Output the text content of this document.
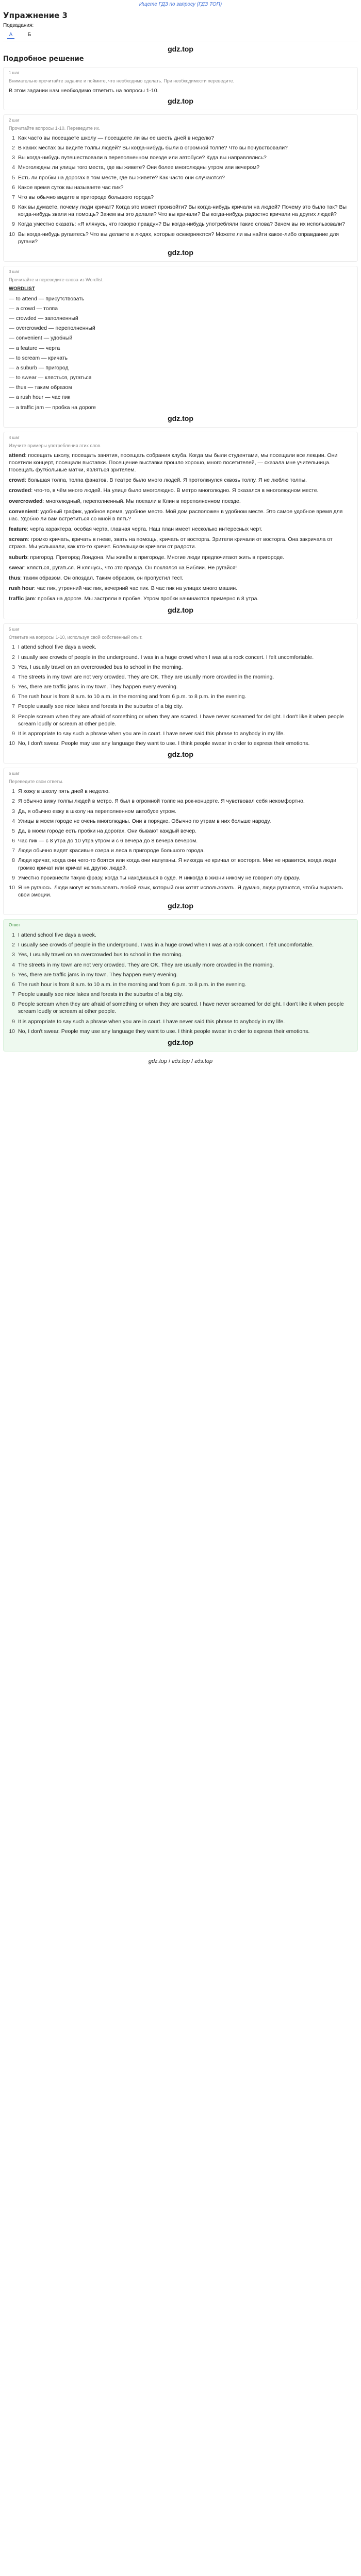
Ищете ГДЗ по запросу (ГДЗ ТОП)
Упражнение 3
Подзадания:
А	Б
gdz.top
Подробное решение
1 шаг
Внимательно прочитайте задание и поймите, что необходимо сделать. При необходимости переведите.
В этом задании нам необходимо ответить на вопросы 1-10.
gdz.top
2 шаг
Прочитайте вопросы 1-10. Переведите их.
1 Как часто вы посещаете школу — посещаете ли вы ее шесть дней в неделю?
2 В каких местах вы видите толпы людей? Вы когда-нибудь были в огромной толпе? Что вы почувствовали?
3 Вы когда-нибудь путешествовали в переполненном поезде или автобусе? Куда вы направлялись?
4 Многолюдны ли улицы того места, где вы живете? Они более многолюдны утром или вечером?
5 Есть ли пробки на дорогах в том месте, где вы живете? Как часто они случаются?
6 Какое время суток вы называете час пик?
7 Что вы обычно видите в пригороде большого города?
8 Как вы думаете, почему люди кричат? Когда это может произойти? Вы когда-нибудь кричали на людей? Почему это было так? Вы когда-нибудь звали на помощь? Зачем вы это делали? Что вы кричали? Вы когда-нибудь радостно кричали на других людей?
9 Когда уместно сказать: «Я клянусь, что говорю правду»? Вы когда-нибудь употребляли такие слова? Зачем вы их использовали?
10 Вы когда-нибудь ругаетесь? Что вы делаете в людях, которые оскверняются? Можете ли вы найти какое-либо оправдание для ругани?
gdz.top
3 шаг
Прочитайте и переведите слова из Wordlist.
WORDLIST
— to attend — присутствовать
— a crowd — толпа
— crowded — заполненный
— overcrowded — переполненный
— convenient — удобный
— a feature — черта
— to scream — кричать
— a suburb — пригород
— to swear — клясться, ругаться
— thus — таким образом
— a rush hour — час пик
— a traffic jam — пробка на дороге
gdz.top
4 шаг
Изучите примеры употребления этих слов.

attend: посещать школу, посещать занятия, посещать собрания клуба. Когда мы были студентами, мы посещали все лекции. Они посетили концерт, посещали выставки. Посещение выставки прошло хорошо, много посетителей, — сказала мне учительница. Посещать футбольные матчи, являться зрителем.

crowd: большая толпа, толпа фанатов. В театре было много людей. Я протолкнулся сквозь толпу. Я не люблю толпы.

crowded: что-то, в чём много людей. На улице было многолюдно. В метро многолюдно. Я оказался в многолюдном месте.

overcrowded: многолюдный, переполненный. Мы поехали в Клин в переполненном поезде.

convenient: удобный график, удобное время, удобное место. Мой дом расположен в удобном месте. Это самое удобное время для нас. Удобно ли вам встретиться со мной в пять?

feature: черта характера, особая черта, главная черта. Наш план имеет несколько интересных черт.

scream: громко кричать, кричать в гневе, звать на помощь, кричать от восторга. Зрители кричали от восторга. Она закричала от страха. Мы услышали, как кто-то кричит. Болельщики кричали от радости.

suburb: пригород. Пригород Лондона. Мы живём в пригороде. Многие люди предпочитают жить в пригороде.

swear: клясться, ругаться. Я клянусь, что это правда. Он поклялся на Библии. Не ругайся!

thus: таким образом. Он опоздал. Таким образом, он пропустил тест.

rush hour: час пик, утренний час пик, вечерний час пик. В час пик на улицах много машин.

traffic jam: пробка на дороге. Мы застряли в пробке. Утром пробки начинаются примерно в 8 утра.

gdz.top
5 шаг
Ответьте на вопросы 1-10, используя свой собственный опыт.
1 I attend school five days a week.
2 I usually see crowds of people in the underground. I was in a huge crowd when I was at a rock concert. I felt uncomfortable.
3 Yes, I usually travel on an overcrowded bus to school in the morning.
4 The streets in my town are not very crowded. They are OK. They are usually more crowded in the morning.
5 Yes, there are traffic jams in my town. They happen every evening.
6 The rush hour is from 8 a.m. to 10 a.m. in the morning and from 6 p.m. to 8 p.m. in the evening.
7 People usually see nice lakes and forests in the suburbs of a big city.
8 People scream when they are afraid of something or when they are scared. I have never screamed for delight. I don't like it when people scream loudly or scream at other people.
9 It is appropriate to say such a phrase when you are in court. I have never said this phrase to anybody in my life.
10 No, I don't swear. People may use any language they want to use. I think people swear in order to express their emotions.
gdz.top
6 шаг
Переведите свои ответы.
1 Я хожу в школу пять дней в неделю.
2 Я обычно вижу толпы людей в метро. Я был в огромной толпе на рок-концерте. Я чувствовал себя некомфортно.
3 Да, я обычно езжу в школу на переполненном автобусе утром.
4 Улицы в моем городе не очень многолюдны. Они в порядке. Обычно по утрам в них больше народу.
5 Да, в моем городе есть пробки на дорогах. Они бывают каждый вечер.
6 Час пик — с 8 утра до 10 утра утром и с 6 вечера до 8 вечера вечером.
7 Люди обычно видят красивые озера и леса в пригороде большого города.
8 Люди кричат, когда они чего-то боятся или когда они напуганы. Я никогда не кричал от восторга. Мне не нравится, когда люди громко кричат или кричат на других людей.
9 Уместно произнести такую фразу, когда ты находишься в суде. Я никогда в жизни никому не говорил эту фразу.
10 Я не ругаюсь. Люди могут использовать любой язык, который они хотят использовать. Я думаю, люди ругаются, чтобы выразить свои эмоции.
gdz.top
Ответ
1 I attend school five days a week.
2 I usually see crowds of people in the underground. I was in a huge crowd when I was at a rock concert. I felt uncomfortable.
3 Yes, I usually travel on an overcrowded bus to school in the morning.
4 The streets in my town are not very crowded. They are OK. They are usually more crowded in the morning.
5 Yes, there are traffic jams in my town. They happen every evening.
6 The rush hour is from 8 a.m. to 10 a.m. in the morning and from 6 p.m. to 8 p.m. in the evening.
7 People usually see nice lakes and forests in the suburbs of a big city.
8 People scream when they are afraid of something or when they are scared. I have never screamed for delight. I don't like it when people scream loudly or scream at other people.
9 It is appropriate to say such a phrase when you are in court. I have never said this phrase to anybody in my life.
10 No, I don't swear. People may use any language they want to use. I think people swear in order to express their emotions.
gdz.top
gdz.top / гдз.top / гдз.top
